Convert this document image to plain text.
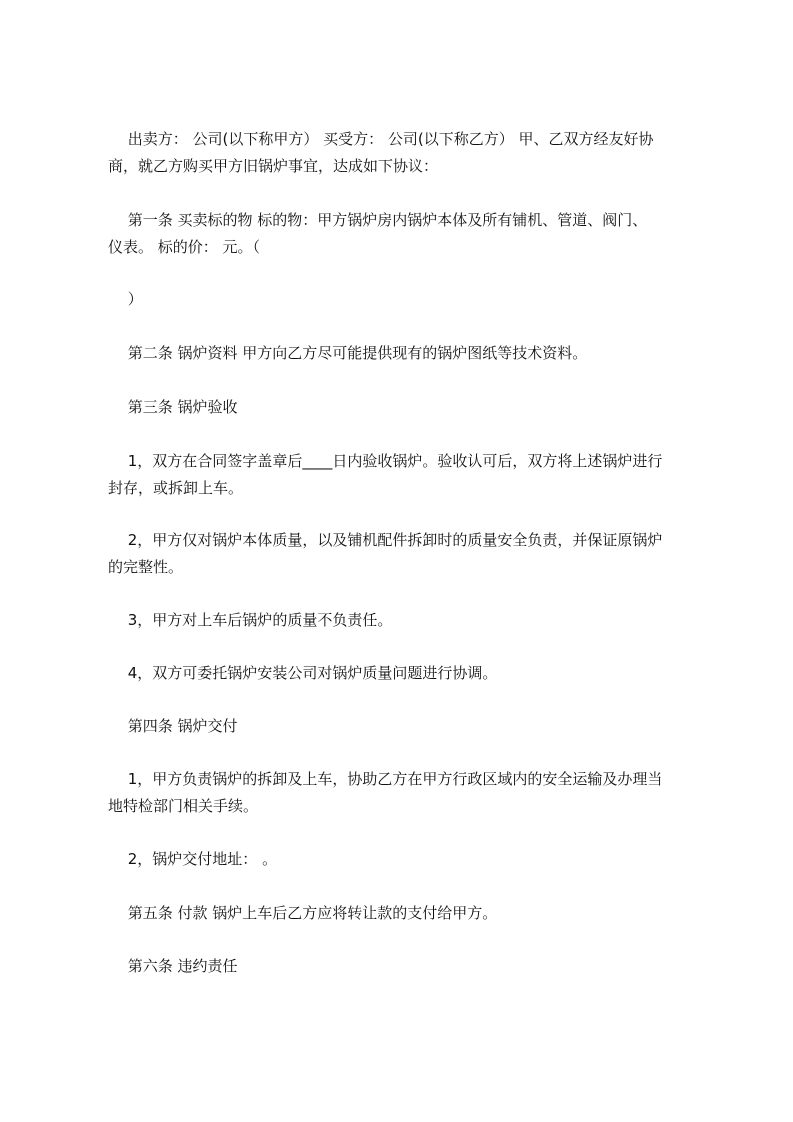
　 出卖方： 公司(以下称甲方） 买受方： 公司(以下称乙方） 甲、乙双方经友好协
商，就乙方购买甲方旧锅炉事宜，达成如下协议：
　 第一条 买卖标的物 标的物：甲方锅炉房内锅炉本体及所有铺机、管道、阀门、
仪表。 标的价： 元。（
　 ）
　 第二条 锅炉资料 甲方向乙方尽可能提供现有的锅炉图纸等技术资料。
　 第三条 锅炉验收
　 1，双方在合同签字盖章后____日内验收锅炉。验收认可后，双方将上述锅炉进行
封存，或拆卸上车。
　 2，甲方仅对锅炉本体质量，以及铺机配件拆卸时的质量安全负责，并保证原锅炉
的完整性。
　 3，甲方对上车后锅炉的质量不负责任。
　 4，双方可委托锅炉安装公司对锅炉质量问题进行协调。
　 第四条 锅炉交付
　 1，甲方负责锅炉的拆卸及上车，协助乙方在甲方行政区域内的安全运输及办理当
地特检部门相关手续。
　 2，锅炉交付地址： 。
　 第五条 付款 锅炉上车后乙方应将转让款的支付给甲方。
　 第六条 违约责任
